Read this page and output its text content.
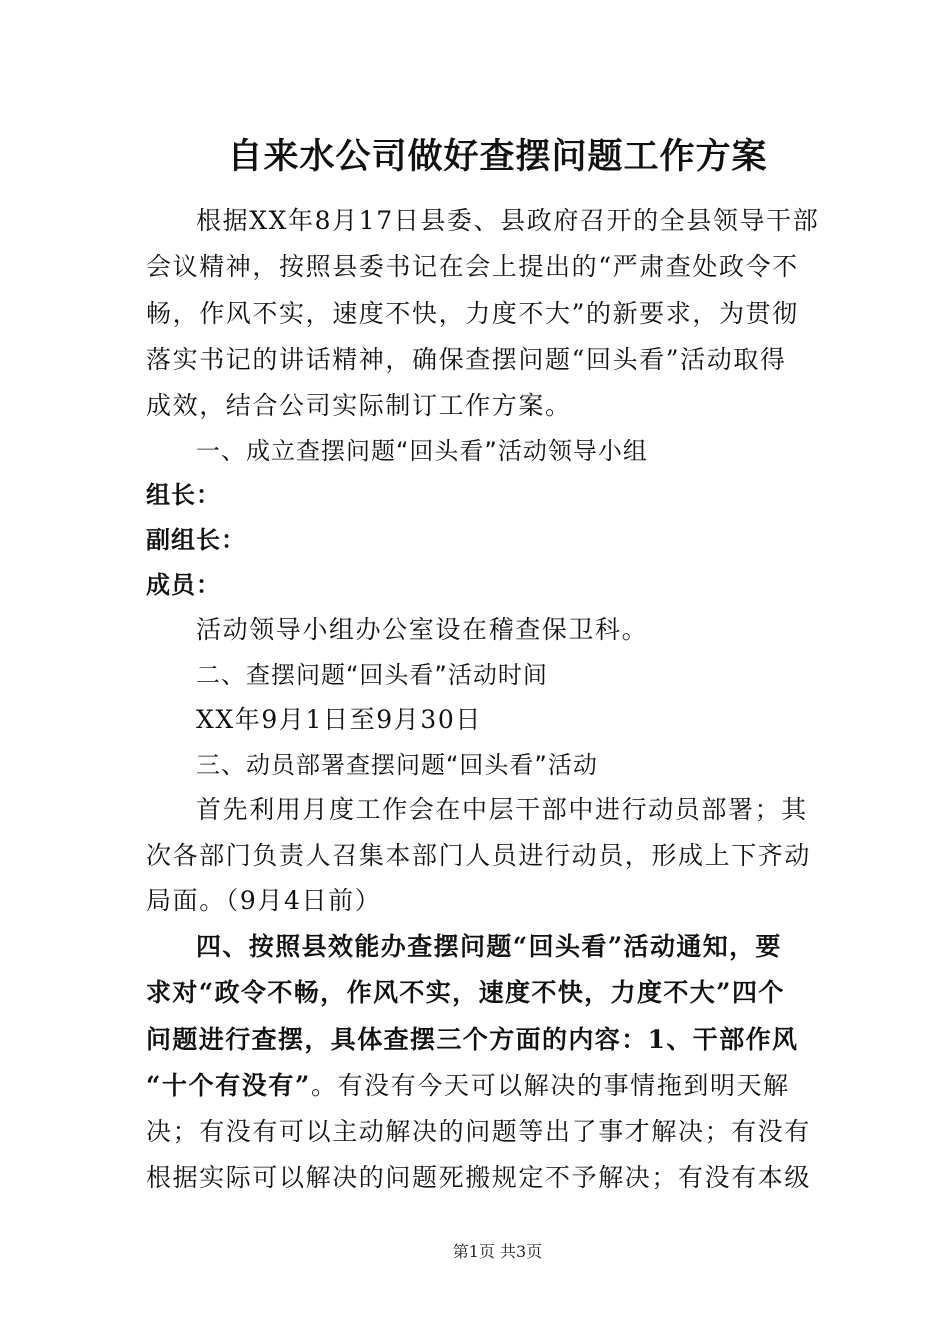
自来水公司做好查摆问题工作方案
根据XX年8月17日县委、县政府召开的全县领导干部
会议精神，按照县委书记在会上提出的“严肃查处政令不
畅，作风不实，速度不快，力度不大”的新要求，为贯彻
落实书记的讲话精神，确保查摆问题“回头看”活动取得
成效，结合公司实际制订工作方案。
一、成立查摆问题“回头看”活动领导小组
组长：
副组长：
成员：
活动领导小组办公室设在稽查保卫科。
二、查摆问题“回头看”活动时间
XX年9月1日至9月30日
三、动员部署查摆问题“回头看”活动
首先利用月度工作会在中层干部中进行动员部署；其
次各部门负责人召集本部门人员进行动员，形成上下齐动
局面。（9月4日前）
四、按照县效能办查摆问题“回头看”活动通知，要
求对“政令不畅，作风不实，速度不快，力度不大”四个
问题进行查摆，具体查摆三个方面的内容：1、干部作风
“十个有没有”。有没有今天可以解决的事情拖到明天解
决；有没有可以主动解决的问题等出了事才解决；有没有
根据实际可以解决的问题死搬规定不予解决；有没有本级
第1页 共3页
